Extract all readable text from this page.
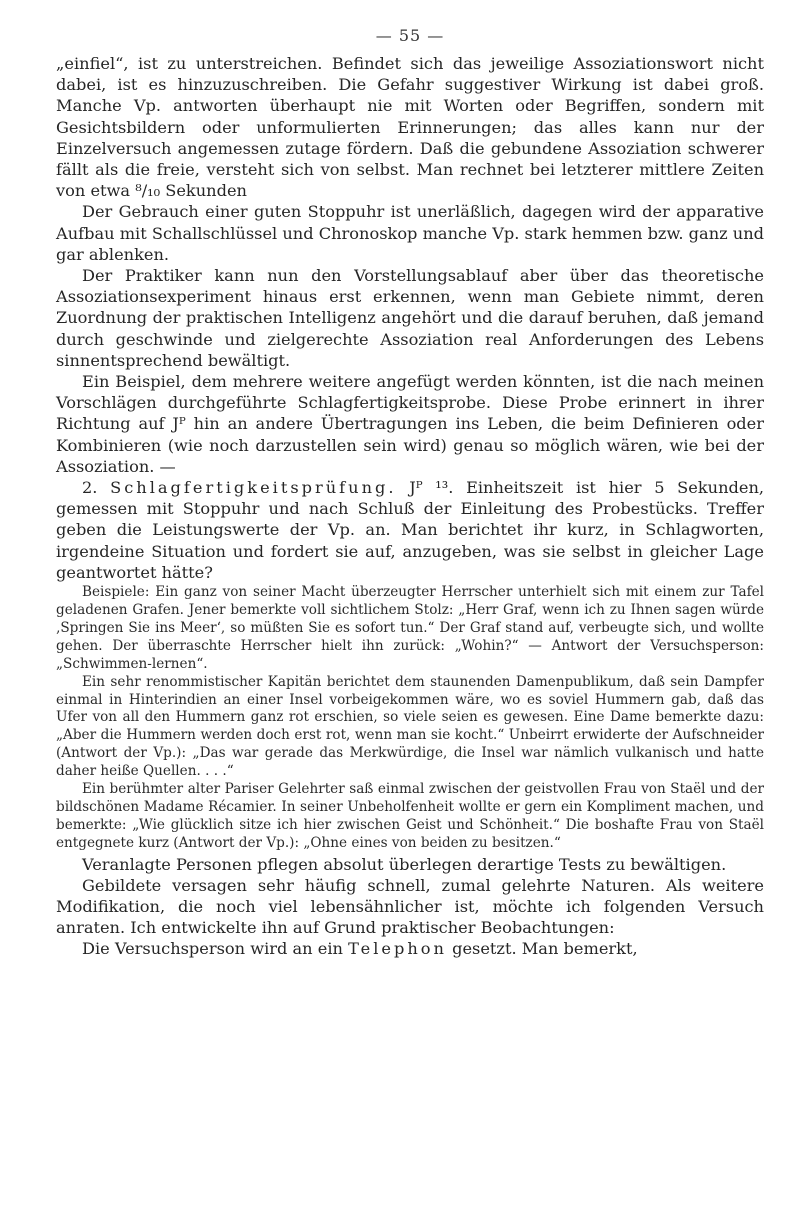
— 55 —

„einfiel“, ist zu unterstreichen. Befindet sich das jeweilige Assoziationswort nicht dabei, ist es hinzuzuschreiben. Die Gefahr suggestiver Wirkung ist dabei groß. Manche Vp. antworten überhaupt nie mit Worten oder Begriffen, sondern mit Gesichtsbildern oder unformulierten Erinnerungen; das alles kann nur der Einzelversuch angemessen zutage fördern. Daß die gebundene Assoziation schwerer fällt als die freie, versteht sich von selbst. Man rechnet bei letzterer mittlere Zeiten von etwa ⁸/₁₀ Sekunden

Der Gebrauch einer guten Stoppuhr ist unerläßlich, dagegen wird der apparative Aufbau mit Schallschlüssel und Chronoskop manche Vp. stark hemmen bzw. ganz und gar ablenken.

Der Praktiker kann nun den Vorstellungsablauf aber über das theoretische Assoziationsexperiment hinaus erst erkennen, wenn man Gebiete nimmt, deren Zuordnung der praktischen Intelligenz angehört und die darauf beruhen, daß jemand durch geschwinde und zielgerechte Assoziation real Anforderungen des Lebens sinnentsprechend bewältigt.

Ein Beispiel, dem mehrere weitere angefügt werden könnten, ist die nach meinen Vorschlägen durchgeführte Schlagfertigkeitsprobe. Diese Probe erinnert in ihrer Richtung auf Jᴾ hin an andere Übertragungen ins Leben, die beim Definieren oder Kombinieren (wie noch darzustellen sein wird) genau so möglich wären, wie bei der Assoziation. —

2. Schlagfertigkeitsprüfung. Jᴾ ¹³. Einheitszeit ist hier 5 Sekunden, gemessen mit Stoppuhr und nach Schluß der Einleitung des Probestücks. Treffer geben die Leistungswerte der Vp. an. Man berichtet ihr kurz, in Schlagworten, irgendeine Situation und fordert sie auf, anzugeben, was sie selbst in gleicher Lage geantwortet hätte?

Beispiele: Ein ganz von seiner Macht überzeugter Herrscher unterhielt sich mit einem zur Tafel geladenen Grafen. Jener bemerkte voll sichtlichem Stolz: „Herr Graf, wenn ich zu Ihnen sagen würde ‚Springen Sie ins Meer‘, so müßten Sie es sofort tun.“ Der Graf stand auf, verbeugte sich, und wollte gehen. Der überraschte Herrscher hielt ihn zurück: „Wohin?“ — Antwort der Versuchsperson: „Schwimmen-lernen“.

Ein sehr renommistischer Kapitän berichtet dem staunenden Damenpublikum, daß sein Dampfer einmal in Hinterindien an einer Insel vorbeigekommen wäre, wo es soviel Hummern gab, daß das Ufer von all den Hummern ganz rot erschien, so viele seien es gewesen. Eine Dame bemerkte dazu: „Aber die Hummern werden doch erst rot, wenn man sie kocht.“ Unbeirrt erwiderte der Aufschneider (Antwort der Vp.): „Das war gerade das Merkwürdige, die Insel war nämlich vulkanisch und hatte daher heiße Quellen. . . .“

Ein berühmter alter Pariser Gelehrter saß einmal zwischen der geistvollen Frau von Staël und der bildschönen Madame Récamier. In seiner Unbeholfenheit wollte er gern ein Kompliment machen, und bemerkte: „Wie glücklich sitze ich hier zwischen Geist und Schönheit.“ Die boshafte Frau von Staël entgegnete kurz (Antwort der Vp.): „Ohne eines von beiden zu besitzen.“

Veranlagte Personen pflegen absolut überlegen derartige Tests zu bewältigen.

Gebildete versagen sehr häufig schnell, zumal gelehrte Naturen. Als weitere Modifikation, die noch viel lebensähnlicher ist, möchte ich folgenden Versuch anraten. Ich entwickelte ihn auf Grund praktischer Beobachtungen:

Die Versuchsperson wird an ein Telephon gesetzt. Man bemerkt,
